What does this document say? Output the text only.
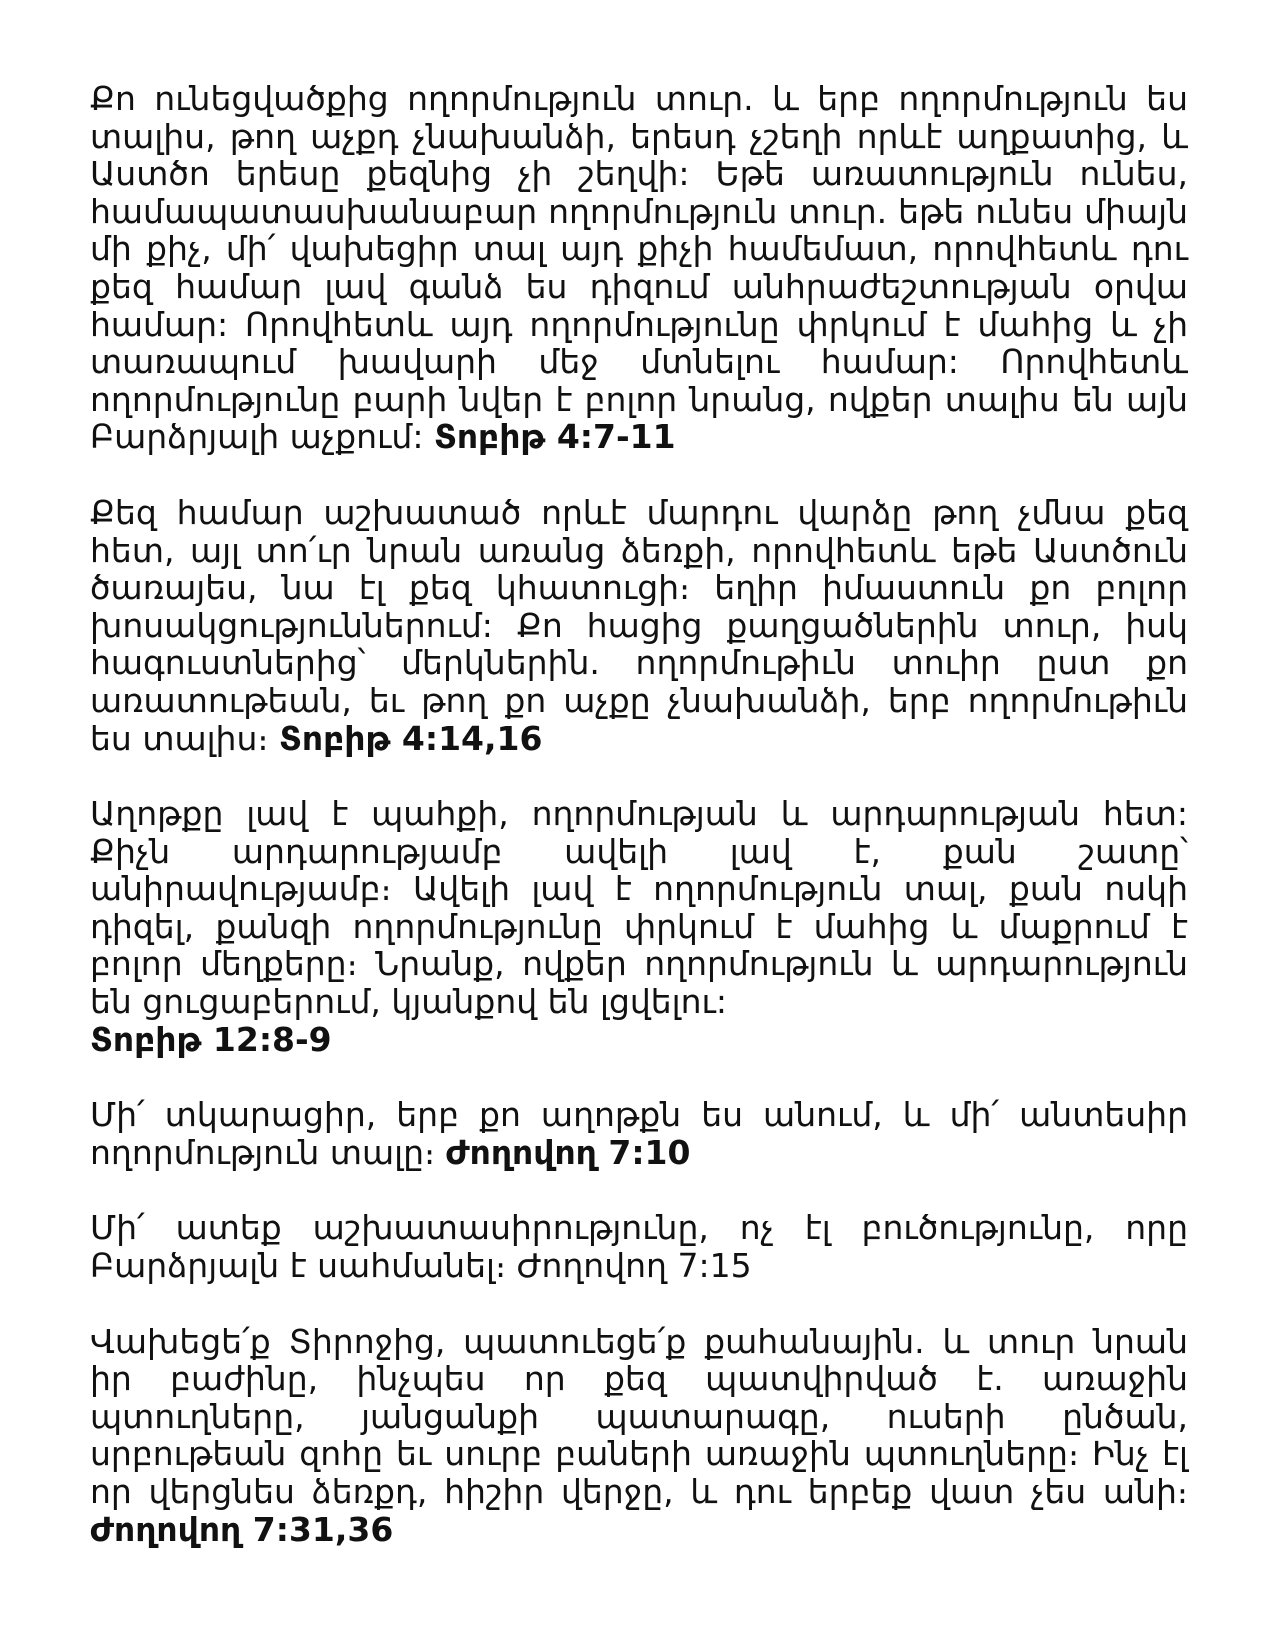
Քո ունեցվածքից ողորմություն տուր. և երբ ողորմություն ես տալիս, թող աչքդ չնախանձի, երեսդ չշեղի որևէ աղքատից, և Աստծո երեսը քեզնից չի շեղվի: Եթե առատություն ունես, համապատասխանաբար ողորմություն տուր. եթե ունես միայն մի քիչ, մի՛ վախեցիր տալ այդ քիչի համեմատ, որովհետև դու քեզ համար լավ գանձ ես դիզում անհրաժեշտության օրվա համար: Որովհետև այդ ողորմությունը փրկում է մահից և չի տառապում խավարի մեջ մտնելու համար: Որովհետև ողորմությունը բարի նվեր է բոլոր նրանց, ովքեր տալիս են այն Բարձրյալի աչքում: Տոբիթ 4:7-11

Քեզ համար աշխատած որևէ մարդու վարձը թող չմնա քեզ հետ, այլ տո՛ւր նրան առանց ձեռքի, որովհետև եթե Աստծուն ծառայես, նա էլ քեզ կհատուցի։ եղիր իմաստուն քո բոլոր խոսակցություններում: Քո հացից քաղցածներին տուր, իսկ հագուստներից՝ մերկներին. ողորմութիւն տուիր ըստ քո առատութեան, եւ թող քո աչքը չնախանձի, երբ ողորմութիւն ես տալիս։ Տոբիթ 4:14,16

Աղոթքը լավ է պահքի, ողորմության և արդարության հետ: Քիչն արդարությամբ ավելի լավ է, քան շատը՝ անիրավությամբ։ Ավելի լավ է ողորմություն տալ, քան ոսկի դիզել, քանզի ողորմությունը փրկում է մահից և մաքրում է բոլոր մեղքերը։ Նրանք, ովքեր ողորմություն և արդարություն են ցուցաբերում, կյանքով են լցվելու:
Տոբիթ 12:8-9

Մի՛ տկարացիր, երբ քո աղոթքն ես անում, և մի՛ անտեսիր ողորմություն տալը։ Ժողովող 7:10

Մի՛ ատեք աշխատասիրությունը, ոչ էլ բուծությունը, որը Բարձրյալն է սահմանել։ Ժողովող 7:15

Վախեցե՛ք Տիրոջից, պատուեցե՛ք քահանային. և տուր նրան իր բաժինը, ինչպես որ քեզ պատվիրված է. առաջին պտուղները, յանցանքի պատարագը, ուսերի ընծան, սրբութեան զոհը եւ սուրբ բաների առաջին պտուղները։ Ինչ էլ որ վերցնես ձեռքդ, հիշիր վերջը, և դու երբեք վատ չես անի։ Ժողովող 7:31,36
